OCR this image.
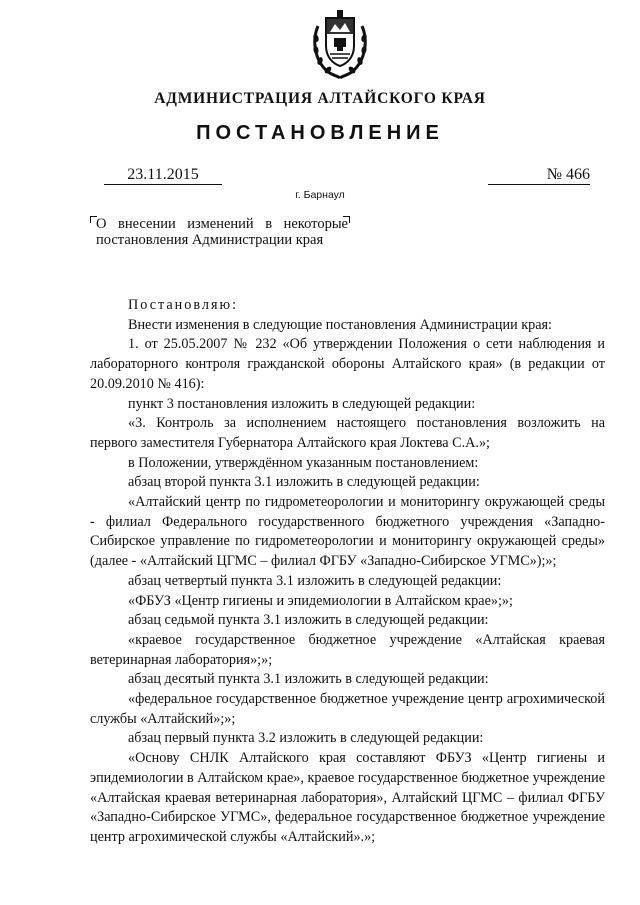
АДМИНИСТРАЦИЯ АЛТАЙСКОГО КРАЯ
ПОСТАНОВЛЕНИЕ
23.11.2015	№ 466
г. Барнаул
О внесении изменений в некоторые постановления Администрации края

Постановляю:

Внести изменения в следующие постановления Администрации края:

1. от 25.05.2007 № 232 «Об утверждении Положения о сети наблюдения и лабораторного контроля гражданской обороны Алтайского края» (в редакции от 20.09.2010 № 416):

пункт 3 постановления изложить в следующей редакции:

«3. Контроль за исполнением настоящего постановления возложить на первого заместителя Губернатора Алтайского края Локтева С.А.»;

в Положении, утверждённом указанным постановлением:

абзац второй пункта 3.1 изложить в следующей редакции:

«Алтайский центр по гидрометеорологии и мониторингу окружающей среды - филиал Федерального государственного бюджетного учреждения «Западно-Сибирское управление по гидрометеорологии и мониторингу окружающей среды» (далее - «Алтайский ЦГМС – филиал ФГБУ «Западно-Сибирское УГМС»);»;

абзац четвертый пункта 3.1 изложить в следующей редакции:

«ФБУЗ «Центр гигиены и эпидемиологии в Алтайском крае»;»;

абзац седьмой пункта 3.1 изложить в следующей редакции:

«краевое государственное бюджетное учреждение «Алтайская краевая ветеринарная лаборатория»;»;

абзац десятый пункта 3.1 изложить в следующей редакции:

«федеральное государственное бюджетное учреждение центр агрохимической службы «Алтайский»;»;

абзац первый пункта 3.2 изложить в следующей редакции:

«Основу СНЛК Алтайского края составляют ФБУЗ «Центр гигиены и эпидемиологии в Алтайском крае», краевое государственное бюджетное учреждение «Алтайская краевая ветеринарная лаборатория», Алтайский ЦГМС – филиал ФГБУ «Западно-Сибирское УГМС», федеральное государственное бюджетное учреждение центр агрохимической службы «Алтайский».»;
